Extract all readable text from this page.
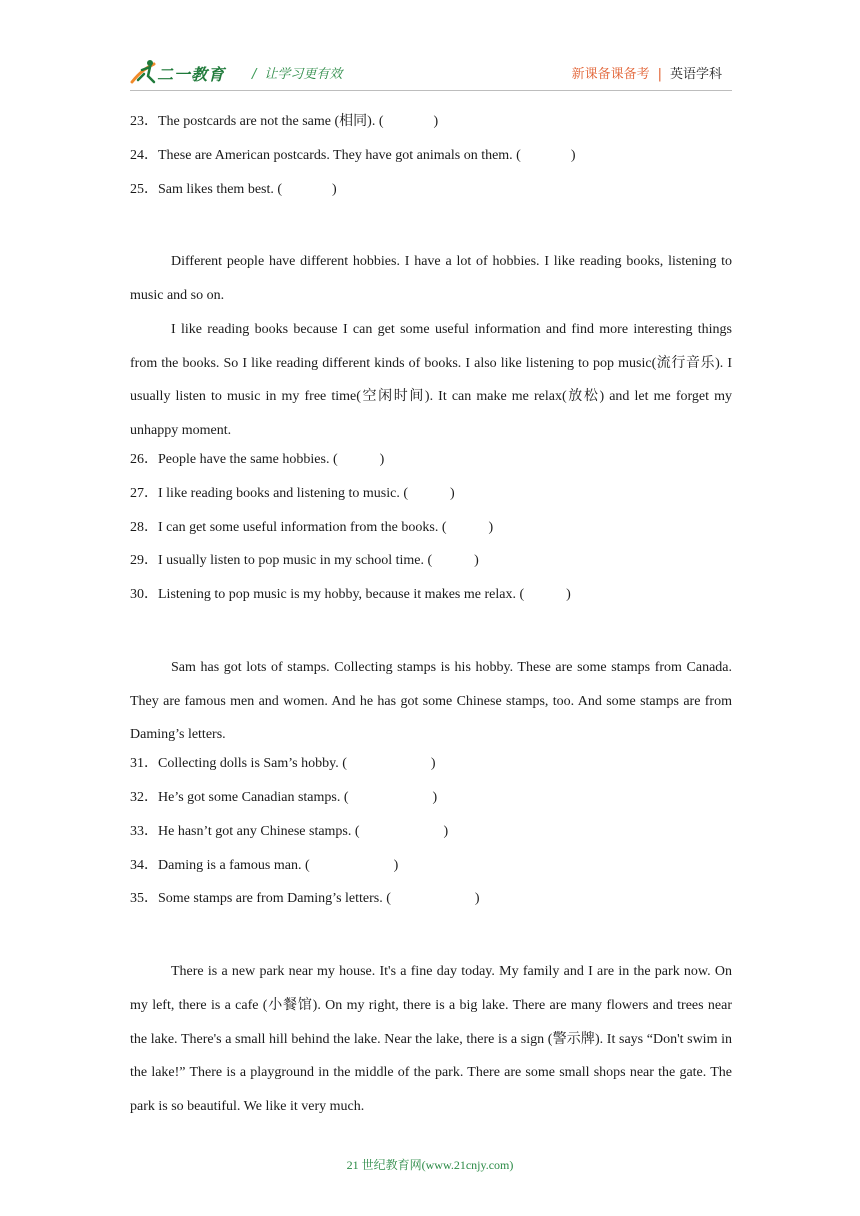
二一教育 / 让学习更有效	新课备课备考 | 英语学科
23．The postcards are not the same (相同). (	)
24．These are American postcards. They have got animals on them. (	)
25．Sam likes them best. (	)

Different people have different hobbies. I have a lot of hobbies. I like reading books, listening to music and so on.

I like reading books because I can get some useful information and find more interesting things from the books. So I like reading different kinds of books. I also like listening to pop music(流行音乐). I usually listen to music in my free time(空闲时间). It can make me relax(放松) and let me forget my unhappy moment.

26．People have the same hobbies. (	)
27．I like reading books and listening to music. (	)
28．I can get some useful information from the books. (	)
29．I usually listen to pop music in my school time. (	)
30．Listening to pop music is my hobby, because it makes me relax. (	)

Sam has got lots of stamps. Collecting stamps is his hobby. These are some stamps from Canada. They are famous men and women. And he has got some Chinese stamps, too. And some stamps are from Daming’s letters.

31．Collecting dolls is Sam’s hobby. (	)
32．He’s got some Canadian stamps. (	)
33．He hasn’t got any Chinese stamps. (	)
34．Daming is a famous man. (	)
35．Some stamps are from Daming’s letters. (	)

There is a new park near my house. It's a fine day today. My family and I are in the park now. On my left, there is a cafe (小餐馆). On my right, there is a big lake. There are many flowers and trees near the lake. There's a small hill behind the lake. Near the lake, there is a sign (警示牌). It says “Don't swim in the lake!” There is a playground in the middle of the park. There are some small shops near the gate. The park is so beautiful. We like it very much.

21 世纪教育网(www.21cnjy.com)
